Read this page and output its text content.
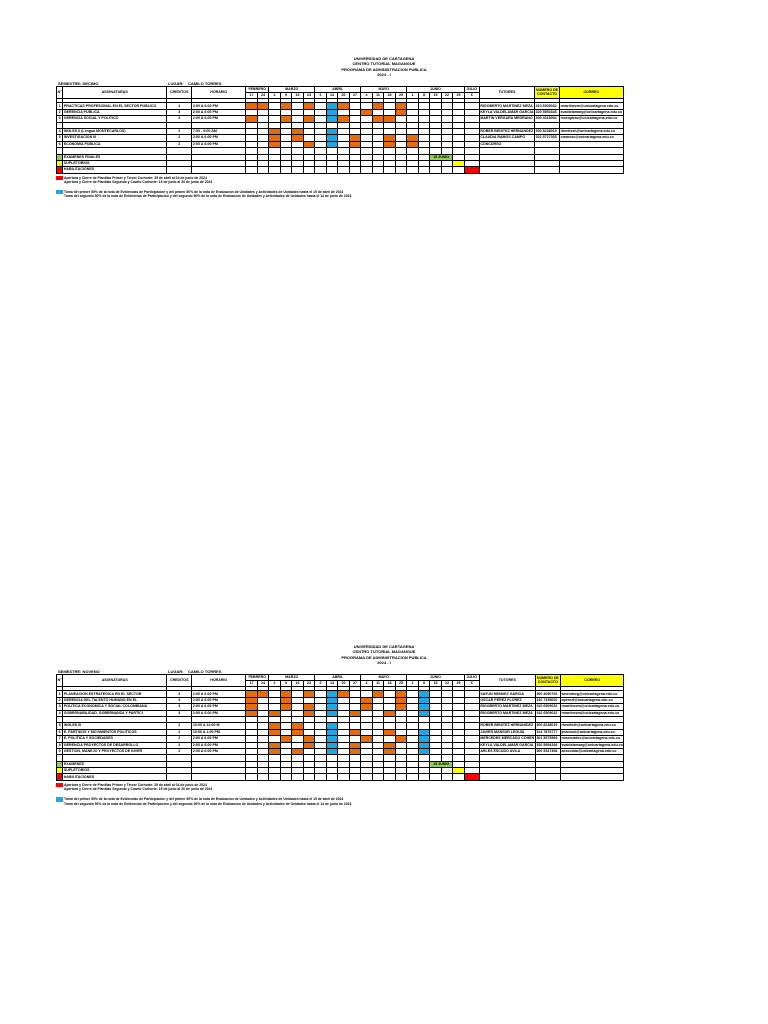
UNIVERSIDAD DE CARTAGENA
CENTRO TUTORIAL MAGANGUE
PROGRAMA DE ADMINISTRACION PUBLICA
2024 - I
SEMESTRE: DECIMO	LUGAR: CAMILO TORRES
N°	ASIGNATURAS	CREDITOS	HORARIO	FEBRERO		MARZO				ABRIL				MAYO				JUNIO					JULIO	TUTORES	NUMERO DE CONTACTO	CORREO
				17	24	2	9	16	23	6	13	20	27	4	11	18	25	1	8	15	22	29	6			

1	PRACTICAS PROFESIONAL EN EL SECTOR PUBLICO	4	2:00 A 6:00 PM																					RIGOBERTO MARTINEZ MEZA	310 6509032	rmartinezm@unicartagena.edu.co
2	GERENCIA PUBLICA	3	2:00 A 6:00 PM																					KEYLA VALDELAMAR GARCIA	320 5954348	kvaldelamarg@unicartagena.edu.co
3	GERENCIA SOCIAL Y POLITICO	3	2:00 A 6:00 PM																					MARTIN VERGARA MEDRANO	300 4018094	mvergarav@unicartagena.edu.co

4	INGLES II (Lengua MONTECARLOS)	2	7:00 - 9:00 AM																					ROBER BENITEZ HERNANDEZ	300 8238019	rbenitezh@unicartagena.edu.co
5	INVESTIGACION III	2	2:00 A 6:00 PM																					CLAUDIA RAMOS CAMPO	322 5727365	cramosc@unicartagena.edu.co
6	ECONOMIA PUBLICA	2	2:00 A 6:00 PM																					CONCURSO		

	EXAMENES FINALES																			15 JUNIO						
	SUPLETORIOS																									
	HABILITACIONES																									
Apertura y Cierre de Planillas Primer y Tercer Corhorte: 29 de abril al 04 de junio de 2024
Apertura y Cierre de Planillas Segundo y Cuarto Corhorte: 15 de junio al 20 de junio de 2024
Toma del primer 50% de la nota de Evidencias de Participacion y del primer 50% de la nota de Evaluacion de Unidades y Actividades de Unidades hasta el 19 de abril de 2024
Toma del segundo 50% de la nota de Evidencias de Participacion y del segundo 50% de la nota de Evaluacion de Unidades y Actividades de Unidades hasta el 14 de junio de 2024
UNIVERSIDAD DE CARTAGENA
CENTRO TUTORIAL MAGANGUE
PROGRAMA DE ADMINISTRACION PUBLICA
2024 - I
SEMESTRE: NOVENO	LUGAR: CAMILO TORRES
N°	ASIGNATURAS	CREDITOS	HORARIO	FEBRERO		MARZO				ABRIL				MAYO				JUNIO					JULIO	TUTORES	NUMERO DE CONTACTO	CORREO
				17	24	2	9	16	23	6	13	20	27	4	11	18	25	1	8	15	22	29	6			

1	PLANEACION ESTRATEGICA EN EL SECTOR	3	2:00 A 6:00 PM																					SAYUN MENDEZ GARCIA	300 4050792	smendezg@unicartagena.edu.co
2	GERENCIA DEL TALENTO HUMANO EN EL	3	2:00 A 6:00 PM																					OSCAR PEREZ FLOREZ	310 7335620	operezf@unicartagena.edu.co
3	POLITICA ECONOMICA Y SOCIAL COLOMBIANA	3	2:00 A 6:00 PM																					RIGOBERTO MARTINEZ MEZA	310 6509032	rmartinezm@unicartagena.edu.co
4	GOBERNABILIDAD, GOBERNANZA Y PARTICI	3	2:00 A 6:00 PM																					RIGOBERTO MARTINEZ MEZA	310 6509032	rmartinezm@unicartagena.edu.co

5	INGLES III	2	10:00 A 12:00 M																					ROBER BENITEZ HERNANDEZ	300 8238019	rbenitezh@unicartagena.edu.co
6	E. PARTIDOS Y MOVIMIENTOS POLITICOS	2	10:00 A 1:00 PM																					JAVIER MANSUR LEGUIA	314 7876777	jmansurl@unicartagena.edu.co
7	E. POLITICA Y SOCIEDADES	2	2:00 A 6:00 PM																					MERCEDES MERCADO COHEN	301 5575569	mmercadoc@unicartagena.edu.co
8	GERENCIA PROYECTOS DE DESARROLLO	2	2:00 A 6:00 PM																					KEYLA VALDELAMAR GARCIA	320 5954348	kvaldelamarg@unicartagena.edu.co
9	GESTION, MANEJO Y PROYECTOS DE INVER	2	2:00 A 6:00 PM																					ARLES ESCUDO AVILA	300 5347468	aescudoa@unicartagena.edu.co

	EXAMENES																			15 JUNIO						
	SUPLETORIOS																									
	HABILITACIONES																									
Apertura y Cierre de Planillas Primer y Tercer Corhorte: 29 de abril al 04 de junio de 2024
Apertura y Cierre de Planillas Segundo y Cuarto Corhorte: 15 de junio al 20 de junio de 2024
Toma del primer 50% de la nota de Evidencias de Participacion y del primer 50% de la nota de Evaluacion de Unidades y Actividades de Unidades hasta el 19 de abril de 2024
Toma del segundo 50% de la nota de Evidencias de Participacion y del segundo 50% de la nota de Evaluacion de Unidades y Actividades de Unidades hasta el 14 de junio de 2024
